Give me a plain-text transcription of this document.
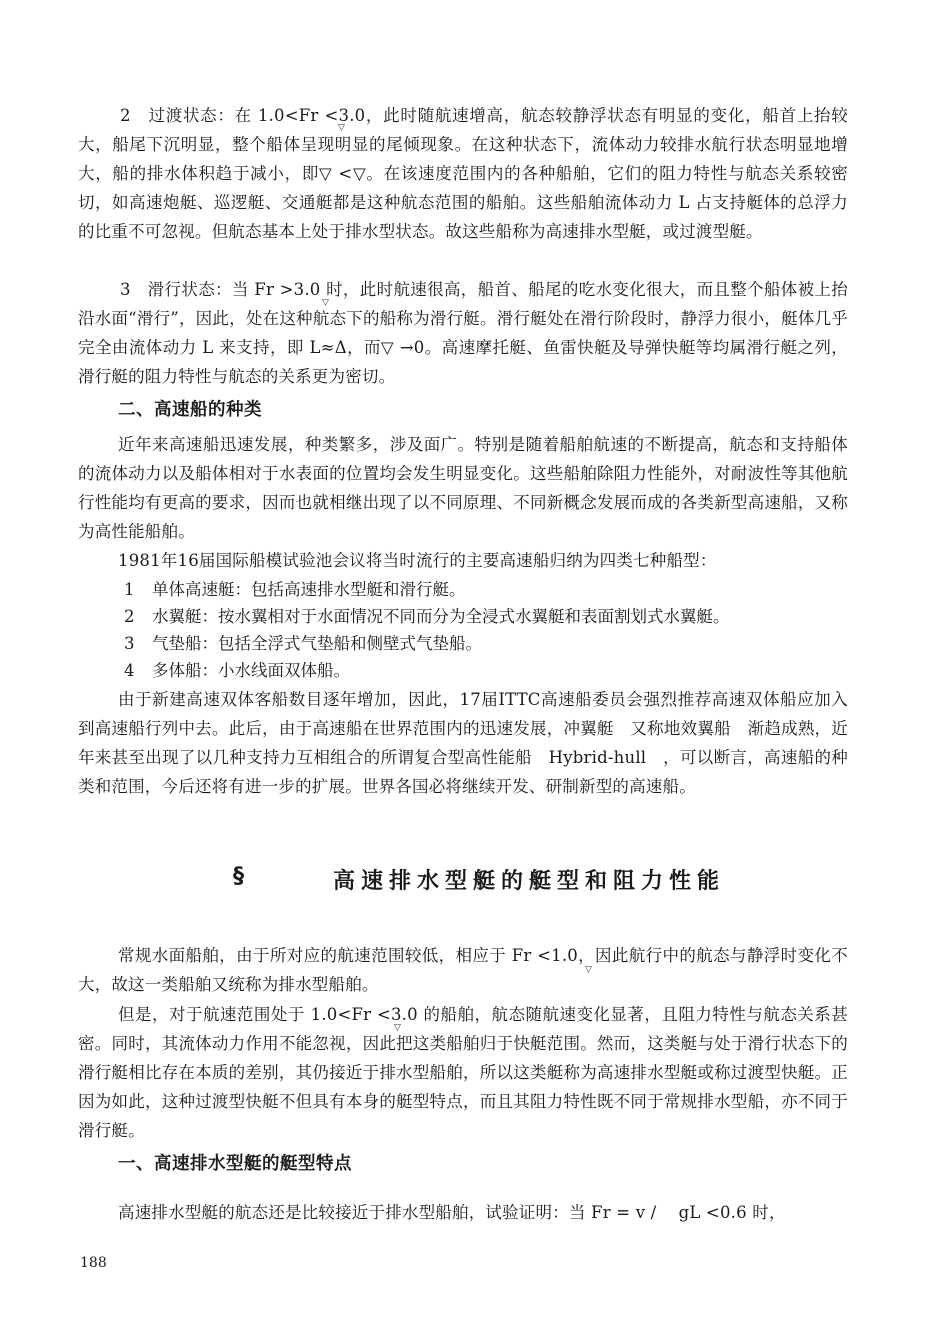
2　过渡状态：在 1.0<Fr <3.0，此时随航速增高，航态较静浮状态有明显的变化，船首上抬较大，船尾下沉明显，整个船体呈现明显的尾倾现象。在这种状态下，流体动力较排水航行状态明显地增大，船的排水体积趋于减小，即▽ <▽。在该速度范围内的各种船舶，它们的阻力特性与航态关系较密切，如高速炮艇、巡逻艇、交通艇都是这种航态范围的船舶。这些船舶流体动力 L 占支持艇体的总浮力的比重不可忽视。但航态基本上处于排水型状态。故这些船称为高速排水型艇，或过渡型艇。

3　滑行状态：当 Fr >3.0 时，此时航速很高，船首、船尾的吃水变化很大，而且整个船体被上抬沿水面“滑行”，因此，处在这种航态下的船称为滑行艇。滑行艇处在滑行阶段时，静浮力很小，艇体几乎完全由流体动力 L 来支持，即 L≈Δ，而▽ →0。高速摩托艇、鱼雷快艇及导弹快艇等均属滑行艇之列，滑行艇的阻力特性与航态的关系更为密切。

二、高速船的种类

近年来高速船迅速发展，种类繁多，涉及面广。特别是随着船舶航速的不断提高，航态和支持船体的流体动力以及船体相对于水表面的位置均会发生明显变化。这些船舶除阻力性能外，对耐波性等其他航行性能均有更高的要求，因而也就相继出现了以不同原理、不同新概念发展而成的各类新型高速船，又称为高性能船舶。

1981年16届国际船模试验池会议将当时流行的主要高速船归纳为四类七种船型：

1 单体高速艇：包括高速排水型艇和滑行艇。

2 水翼艇：按水翼相对于水面情况不同而分为全浸式水翼艇和表面割划式水翼艇。

3 气垫船：包括全浮式气垫船和侧壁式气垫船。

4 多体船：小水线面双体船。

由于新建高速双体客船数目逐年增加，因此，17届ITTC高速船委员会强烈推荐高速双体船应加入到高速船行列中去。此后，由于高速船在世界范围内的迅速发展，冲翼艇　又称地效翼船　渐趋成熟，近年来甚至出现了以几种支持力互相组合的所谓复合型高性能船　Hybrid-hull　，可以断言，高速船的种类和范围，今后还将有进一步的扩展。世界各国必将继续开发、研制新型的高速船。

§	高速排水型艇的艇型和阻力性能

常规水面船舶，由于所对应的航速范围较低，相应于 Fr <1.0，因此航行中的航态与静浮时变化不大，故这一类船舶又统称为排水型船舶。

但是，对于航速范围处于 1.0<Fr <3.0 的船舶，航态随航速变化显著，且阻力特性与航态关系甚密。同时，其流体动力作用不能忽视，因此把这类船舶归于快艇范围。然而，这类艇与处于滑行状态下的滑行艇相比存在本质的差别，其仍接近于排水型船舶，所以这类艇称为高速排水型艇或称过渡型快艇。正因为如此，这种过渡型快艇不但具有本身的艇型特点，而且其阻力特性既不同于常规排水型船，亦不同于滑行艇。

一、高速排水型艇的艇型特点

高速排水型艇的航态还是比较接近于排水型船舶，试验证明：当 Fr = v /　 gL <0.6 时，

▽
▽
▽
▽
188
